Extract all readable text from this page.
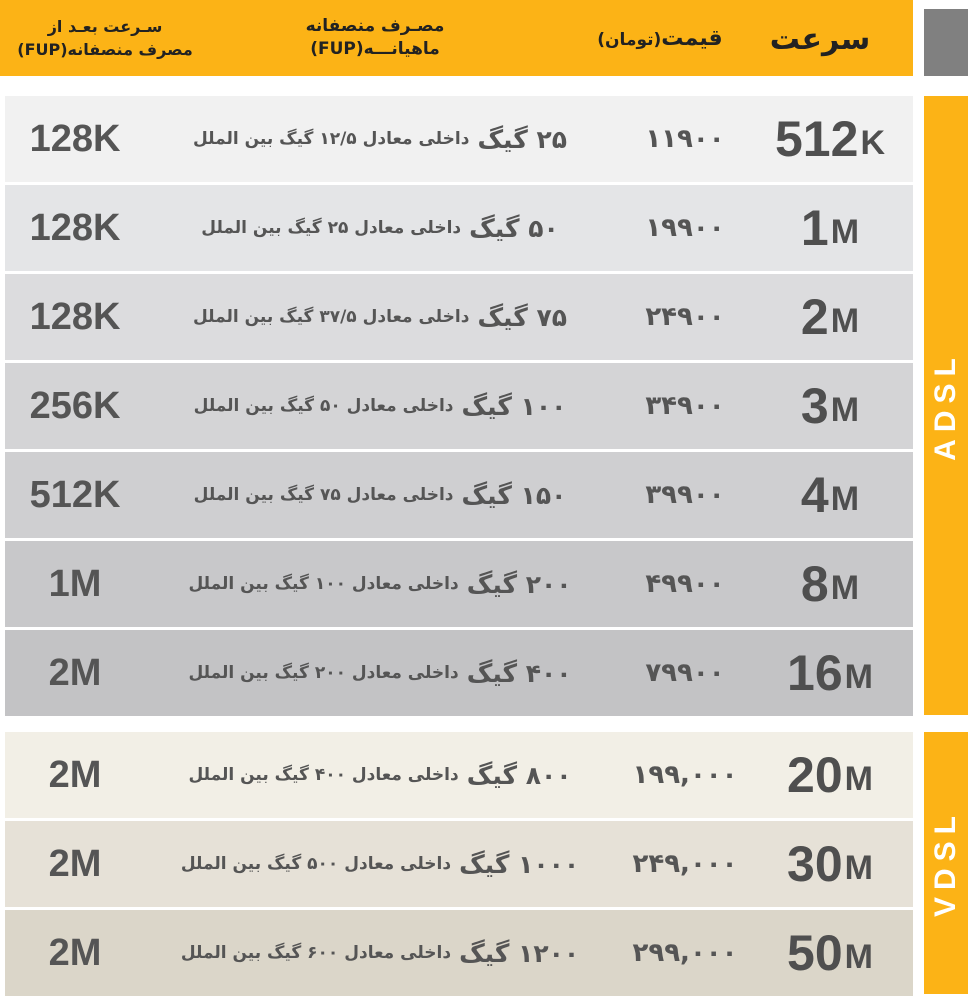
سرعت
قیمت(تومان)
مصـرف منصفانه
ماهیانـــه(FUP)
سـرعت بعـد از
مصرف منصفانه(FUP)
ADSL
VDSL
512 K
۱۱۹۰۰
۲۵ گیگ
داخلی معادل ۱۲/۵ گیگ بین الملل
128K
1 M
۱۹۹۰۰
۵۰ گیگ
داخلی معادل ۲۵ گیگ بین الملل
128K
2 M
۲۴۹۰۰
۷۵ گیگ
داخلی معادل ۳۷/۵ گیگ بین الملل
128K
3 M
۳۴۹۰۰
۱۰۰ گیگ
داخلی معادل ۵۰ گیگ بین الملل
256K
4 M
۳۹۹۰۰
۱۵۰ گیگ
داخلی معادل ۷۵ گیگ بین الملل
512K
8 M
۴۹۹۰۰
۲۰۰ گیگ
داخلی معادل ۱۰۰ گیگ بین الملل
1M
16 M
۷۹۹۰۰
۴۰۰ گیگ
داخلی معادل ۲۰۰ گیگ بین الملل
2M
20 M
۱۹۹,۰۰۰
۸۰۰ گیگ
داخلی معادل ۴۰۰ گیگ بین الملل
2M
30 M
۲۴۹,۰۰۰
۱۰۰۰ گیگ
داخلی معادل ۵۰۰ گیگ بین الملل
2M
50 M
۲۹۹,۰۰۰
۱۲۰۰ گیگ
داخلی معادل ۶۰۰ گیگ بین الملل
2M
